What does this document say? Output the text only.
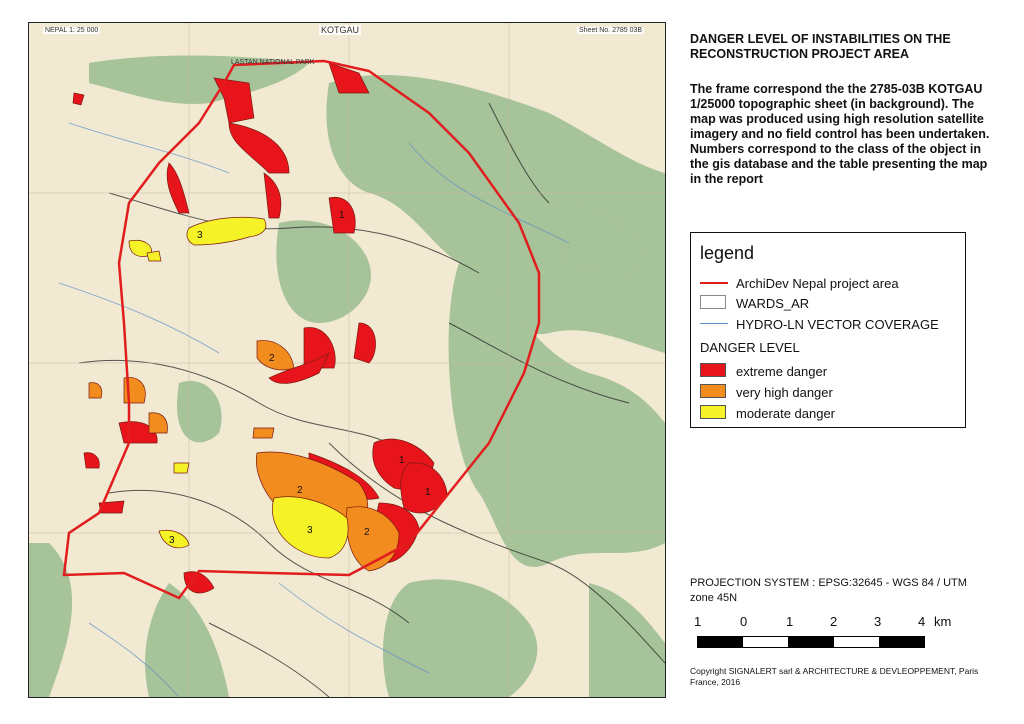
1
1
1
2
2
2
3
3
3
NEPAL 1: 25 000	KOTGAU	Sheet No. 2785 03B
LASTAN NATIONAL PARK
DANGER LEVEL OF INSTABILITIES ON THE RECONSTRUCTION PROJECT AREA
The frame correspond the the 2785-03B KOTGAU 1/25000 topographic sheet (in background). The map was produced using high resolution satellite imagery and no field control has been undertaken. Numbers correspond to the class of the object in the gis database and the table presenting the map in the report
legend
ArchiDev Nepal project area
WARDS_AR
HYDRO-LN VECTOR COVERAGE
DANGER LEVEL
extreme danger
very high danger
moderate danger
PROJECTION SYSTEM : EPSG:32645 - WGS 84 / UTM zone 45N
1	0	1	2	3	4 km
Copyright SIGNALERT sarl & ARCHITECTURE & DEVLEOPPEMENT, Paris France, 2016
